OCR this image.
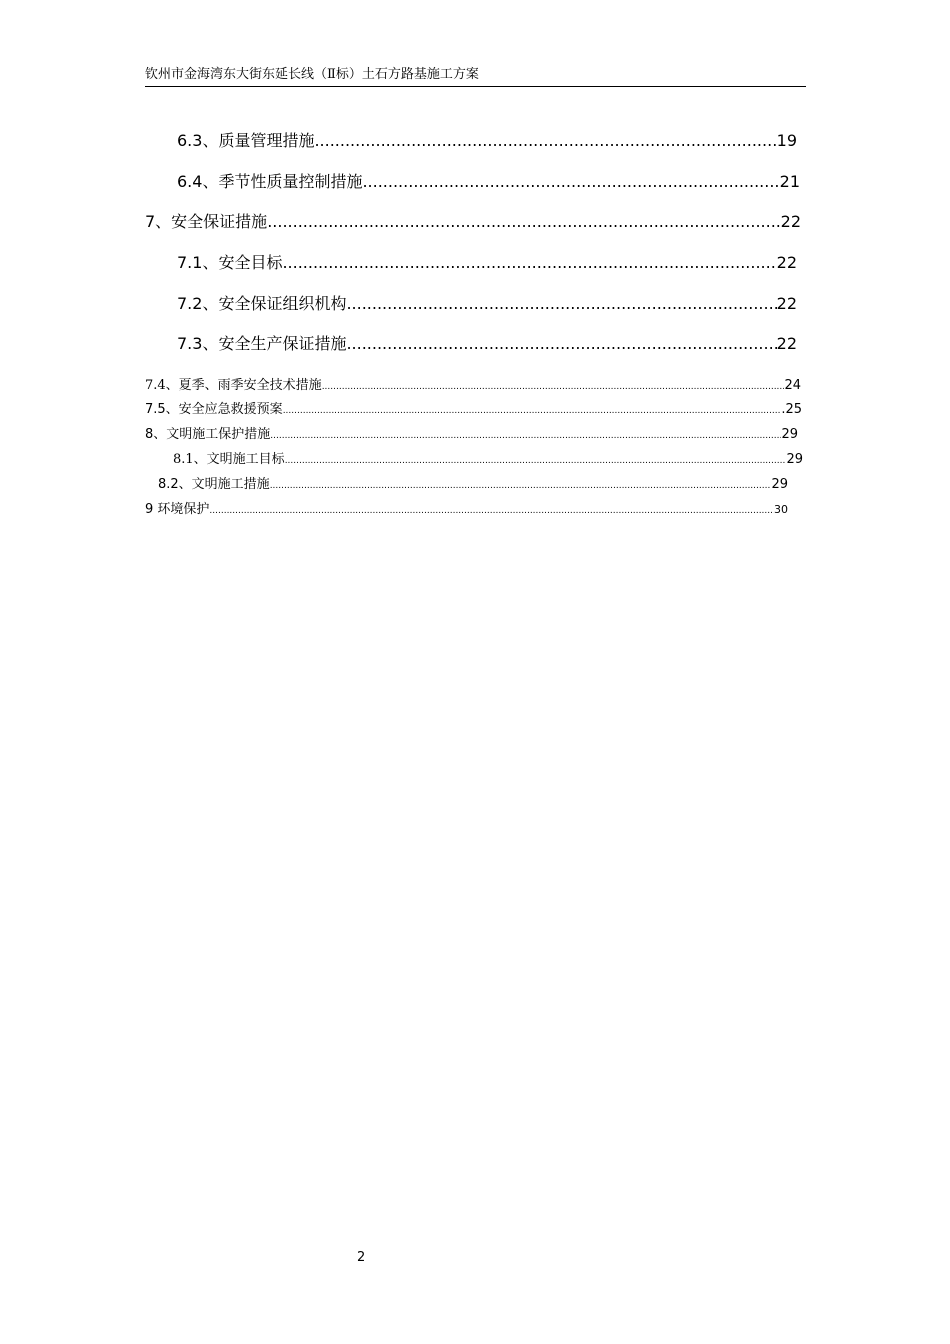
钦州市金海湾东大街东延长线（Ⅱ标）土石方路基施工方案
6.3、质量管理措施 .....	19
6.4、季节性质量控制措施 .....	21
7、安全保证措施 .....	22
7.1、安全目标 .....	22
7.2、安全保证组织机构 .....	22
7.3、安全生产保证措施 .....	22
7.4、夏季、雨季安全技术措施 .....	24
7.5、安全应急救援预案 .....	.25
8、文明施工保护措施 .....	29
8.1、文明施工目标 .....	29
8.2、文明施工措施 .....	29
9 环境保护 .....	30
2
